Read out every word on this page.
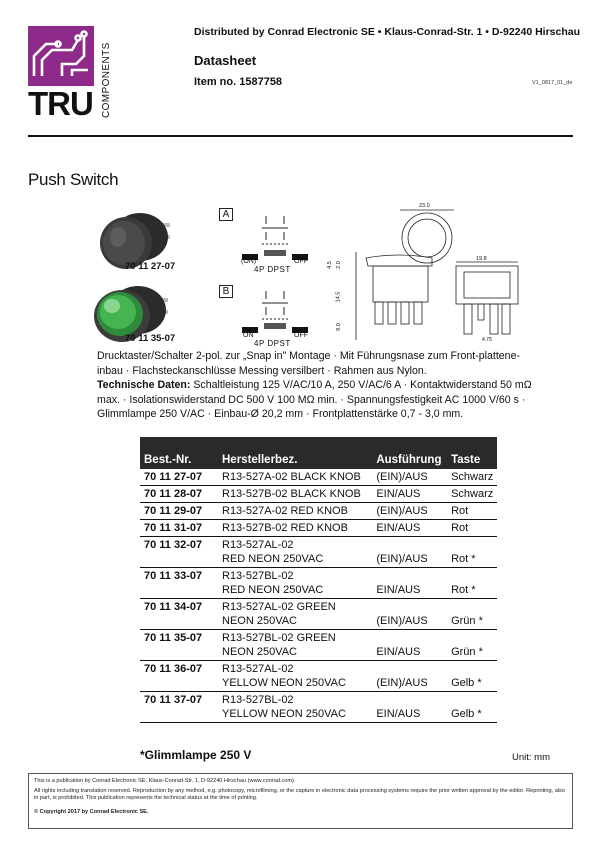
TRU COMPONENTS
Distributed by Conrad Electronic SE • Klaus-Conrad-Str. 1 • D-92240 Hirschau
Datasheet
Item no. 1587758	V1_0817_01_de
Push Switch
70 11 27-07
70 11 35-07
A
(ON)	OFF
4P DPST
B
ON	OFF
4P DPST
23.0
19.8
4.5 2.0
14.5
9.0
4.75
Drucktaster/Schalter 2-pol. zur „Snap in" Montage · Mit Führungsnase zum Front-platteneinbau · Flachsteckanschlüsse Messing versilbert · Rahmen aus Nylon.
Technische Daten: Schaltleistung 125 V/AC/10 A, 250 V/AC/6 A · Kontaktwiderstand 50 mΩ max. · Isolationswiderstand DC 500 V 100 MΩ min. · Spannungsfestigkeit AC 1000 V/60 s · Glimmlampe 250 V/AC · Einbau-Ø 20,2 mm · Frontplattenstärke 0,7 - 3,0 mm.
Best.-Nr.	Herstellerbez.	Ausführung	Taste

70 11 27-07	R13-527A-02 BLACK KNOB	(EIN)/AUS	Schwarz

70 11 28-07	R13-527B-02 BLACK KNOB	EIN/AUS	Schwarz

70 11 29-07	R13-527A-02 RED KNOB	(EIN)/AUS	Rot

70 11 31-07	R13-527B-02 RED KNOB	EIN/AUS	Rot

70 11 32-07	R13-527AL-02
RED NEON 250VAC	(EIN)/AUS	Rot *

70 11 33-07	R13-527BL-02
RED NEON 250VAC	EIN/AUS	Rot *

70 11 34-07	R13-527AL-02 GREEN
NEON 250VAC	(EIN)/AUS	Grün *

70 11 35-07	R13-527BL-02 GREEN
NEON 250VAC	EIN/AUS	Grün *

70 11 36-07	R13-527AL-02
YELLOW NEON 250VAC	(EIN)/AUS	Gelb *

70 11 37-07	R13-527BL-02
YELLOW NEON 250VAC	EIN/AUS	Gelb *
*Glimmlampe 250 V	Unit: mm
This is a publication by Conrad Electronic SE, Klaus-Conrad-Str. 1, D-92240 Hirschau (www.conrad.com).
All rights including translation reserved. Reproduction by any method, e.g. photocopy, microfilming, or the capture in electronic data processing systems require the prior written approval by the editor. Reprinting, also in part, is prohibited. This publication represents the technical status at the time of printing.
© Copyright 2017 by Conrad Electronic SE.
